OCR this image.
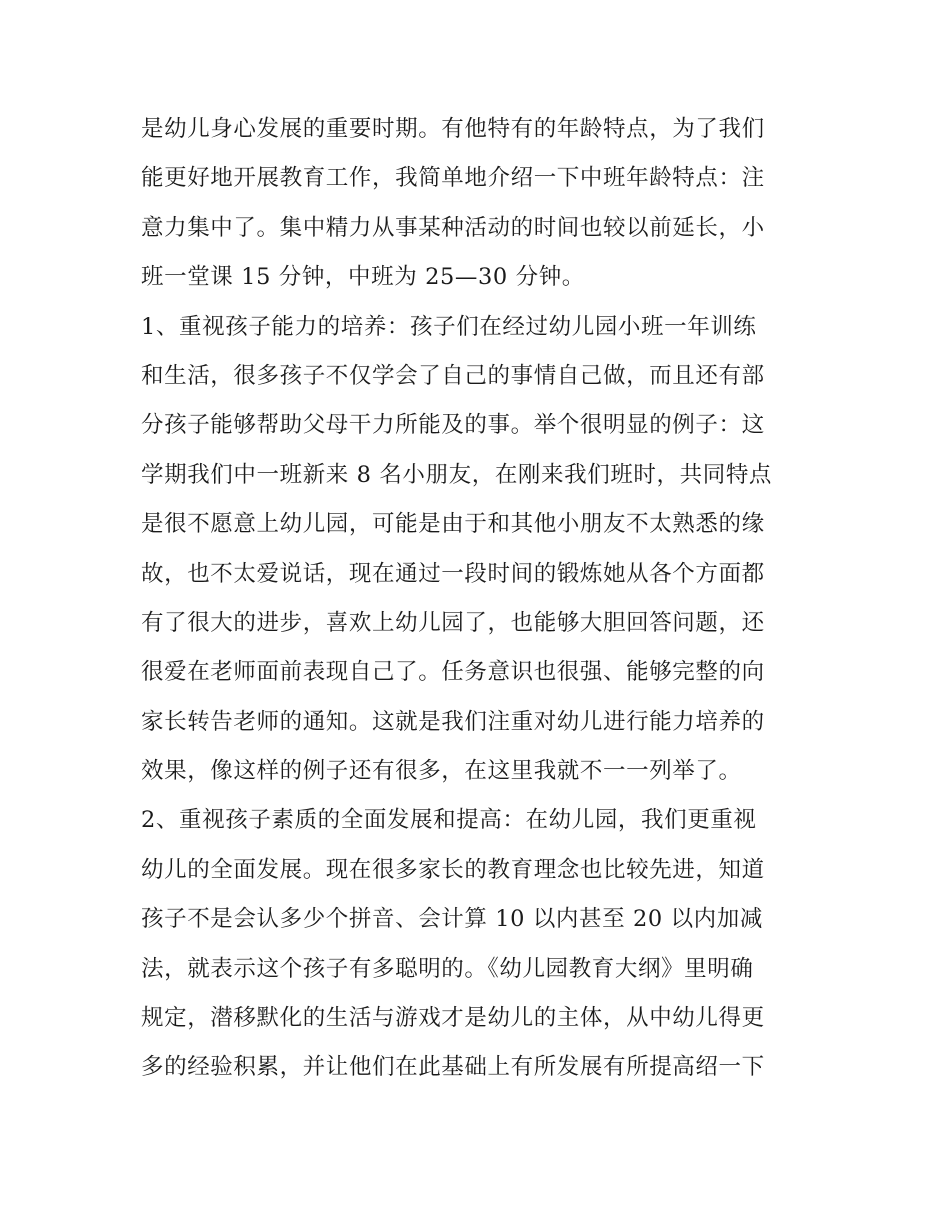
是幼儿身心发展的重要时期。有他特有的年龄特点，为了我们
能更好地开展教育工作，我简单地介绍一下中班年龄特点：注
意力集中了。集中精力从事某种活动的时间也较以前延长，小
班一堂课 15 分钟，中班为 25—30 分钟。
1、重视孩子能力的培养：孩子们在经过幼儿园小班一年训练
和生活，很多孩子不仅学会了自己的事情自己做，而且还有部
分孩子能够帮助父母干力所能及的事。举个很明显的例子：这
学期我们中一班新来 8 名小朋友，在刚来我们班时，共同特点
是很不愿意上幼儿园，可能是由于和其他小朋友不太熟悉的缘
故，也不太爱说话，现在通过一段时间的锻炼她从各个方面都
有了很大的进步，喜欢上幼儿园了，也能够大胆回答问题，还
很爱在老师面前表现自己了。任务意识也很强、能够完整的向
家长转告老师的通知。这就是我们注重对幼儿进行能力培养的
效果，像这样的例子还有很多，在这里我就不一一列举了。
2、重视孩子素质的全面发展和提高：在幼儿园，我们更重视
幼儿的全面发展。现在很多家长的教育理念也比较先进，知道
孩子不是会认多少个拼音、会计算 10 以内甚至 20 以内加减
法，就表示这个孩子有多聪明的。《幼儿园教育大纲》里明确
规定，潜移默化的生活与游戏才是幼儿的主体，从中幼儿得更
多的经验积累，并让他们在此基础上有所发展有所提高绍一下
